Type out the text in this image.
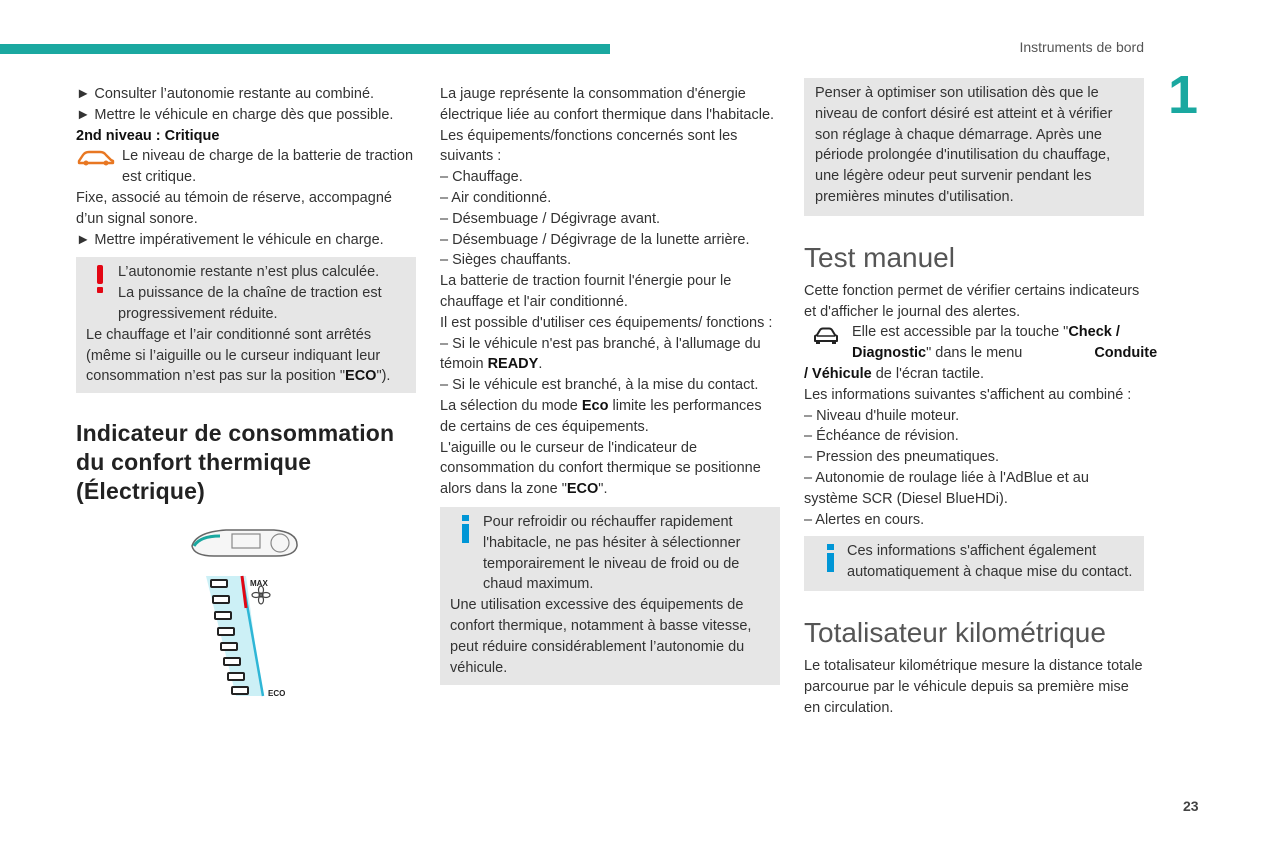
Instruments de bord
1
23

► Consulter l’autonomie restante au combiné.

► Mettre le véhicule en charge dès que possible.

2nd niveau : Critique

Le niveau de charge de la batterie de traction est critique.

Fixe, associé au témoin de réserve, accompagné d’un signal sonore.

► Mettre impérativement le véhicule en charge.

L’autonomie restante n’est plus calculée.
La puissance de la chaîne de traction est progressivement réduite.

Le chauffage et l’air conditionné sont arrêtés (même si l’aiguille ou le curseur indiquant leur consommation n’est pas sur la position "ECO").

Indicateur de consommation du confort thermique (Électrique)
MAX
ECO

La jauge représente la consommation d'énergie électrique liée au confort thermique dans l'habitacle.

Les équipements/fonctions concernés sont les suivants :

– Chauffage.

– Air conditionné.

– Désembuage / Dégivrage avant.

– Désembuage / Dégivrage de la lunette arrière.

– Sièges chauffants.

La batterie de traction fournit l'énergie pour le chauffage et l'air conditionné.

Il est possible d'utiliser ces équipements/ fonctions :

– Si le véhicule n'est pas branché, à l'allumage du témoin READY.

– Si le véhicule est branché, à la mise du contact.

La sélection du mode Eco limite les performances de certains de ces équipements.

L'aiguille ou le curseur de l'indicateur de consommation du confort thermique se positionne alors dans la zone "ECO".

Pour refroidir ou réchauffer rapidement l'habitacle, ne pas hésiter à sélectionner temporairement le niveau de froid ou de chaud maximum.

Une utilisation excessive des équipements de confort thermique, notamment à basse vitesse, peut réduire considérablement l’autonomie du véhicule.

Penser à optimiser son utilisation dès que le niveau de confort désiré est atteint et à vérifier son réglage à chaque démarrage. Après une période prolongée d'inutilisation du chauffage, une légère odeur peut survenir pendant les premières minutes d'utilisation.
Test manuel

Cette fonction permet de vérifier certains indicateurs et d'afficher le journal des alertes.

Elle est accessible par la touche "Check / Diagnostic" dans le menu	Conduite / Véhicule de l'écran tactile.

Les informations suivantes s'affichent au combiné :

– Niveau d'huile moteur.

– Échéance de révision.

– Pression des pneumatiques.

– Autonomie de roulage liée à l'AdBlue et au système SCR (Diesel BlueHDi).

– Alertes en cours.

Ces informations s'affichent également automatiquement à chaque mise du contact.
Totalisateur kilométrique

Le totalisateur kilométrique mesure la distance totale parcourue par le véhicule depuis sa première mise en circulation.
